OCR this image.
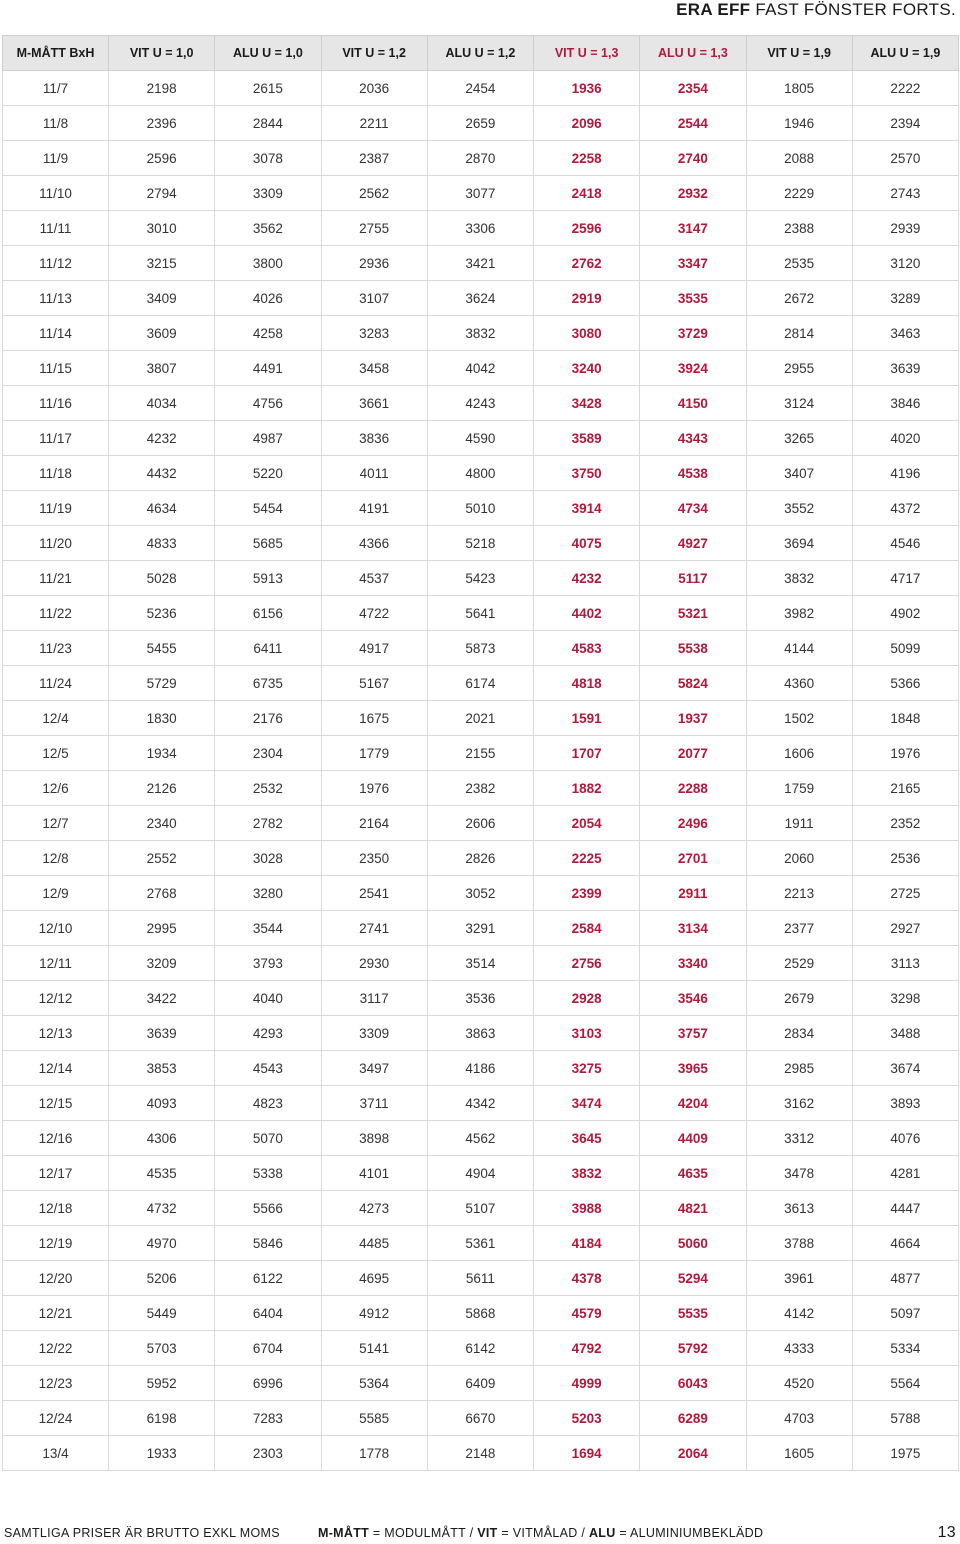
ERA EFF FAST FÖNSTER FORTS.
M-MÅTT BxH	VIT U = 1,0	ALU U = 1,0	VIT U = 1,2	ALU U = 1,2	VIT U = 1,3	ALU U = 1,3	VIT U = 1,9	ALU U = 1,9
11/7	2198	2615	2036	2454	1936	2354	1805	2222
11/8	2396	2844	2211	2659	2096	2544	1946	2394
11/9	2596	3078	2387	2870	2258	2740	2088	2570
11/10	2794	3309	2562	3077	2418	2932	2229	2743
11/11	3010	3562	2755	3306	2596	3147	2388	2939
11/12	3215	3800	2936	3421	2762	3347	2535	3120
11/13	3409	4026	3107	3624	2919	3535	2672	3289
11/14	3609	4258	3283	3832	3080	3729	2814	3463
11/15	3807	4491	3458	4042	3240	3924	2955	3639
11/16	4034	4756	3661	4243	3428	4150	3124	3846
11/17	4232	4987	3836	4590	3589	4343	3265	4020
11/18	4432	5220	4011	4800	3750	4538	3407	4196
11/19	4634	5454	4191	5010	3914	4734	3552	4372
11/20	4833	5685	4366	5218	4075	4927	3694	4546
11/21	5028	5913	4537	5423	4232	5117	3832	4717
11/22	5236	6156	4722	5641	4402	5321	3982	4902
11/23	5455	6411	4917	5873	4583	5538	4144	5099
11/24	5729	6735	5167	6174	4818	5824	4360	5366
12/4	1830	2176	1675	2021	1591	1937	1502	1848
12/5	1934	2304	1779	2155	1707	2077	1606	1976
12/6	2126	2532	1976	2382	1882	2288	1759	2165
12/7	2340	2782	2164	2606	2054	2496	1911	2352
12/8	2552	3028	2350	2826	2225	2701	2060	2536
12/9	2768	3280	2541	3052	2399	2911	2213	2725
12/10	2995	3544	2741	3291	2584	3134	2377	2927
12/11	3209	3793	2930	3514	2756	3340	2529	3113
12/12	3422	4040	3117	3536	2928	3546	2679	3298
12/13	3639	4293	3309	3863	3103	3757	2834	3488
12/14	3853	4543	3497	4186	3275	3965	2985	3674
12/15	4093	4823	3711	4342	3474	4204	3162	3893
12/16	4306	5070	3898	4562	3645	4409	3312	4076
12/17	4535	5338	4101	4904	3832	4635	3478	4281
12/18	4732	5566	4273	5107	3988	4821	3613	4447
12/19	4970	5846	4485	5361	4184	5060	3788	4664
12/20	5206	6122	4695	5611	4378	5294	3961	4877
12/21	5449	6404	4912	5868	4579	5535	4142	5097
12/22	5703	6704	5141	6142	4792	5792	4333	5334
12/23	5952	6996	5364	6409	4999	6043	4520	5564
12/24	6198	7283	5585	6670	5203	6289	4703	5788
13/4	1933	2303	1778	2148	1694	2064	1605	1975
SAMTLIGA PRISER ÄR BRUTTO EXKL MOMS	M-MÅTT = MODULMÅTT / VIT = VITMÅLAD / ALU = ALUMINIUMBEKLÄDD	13
